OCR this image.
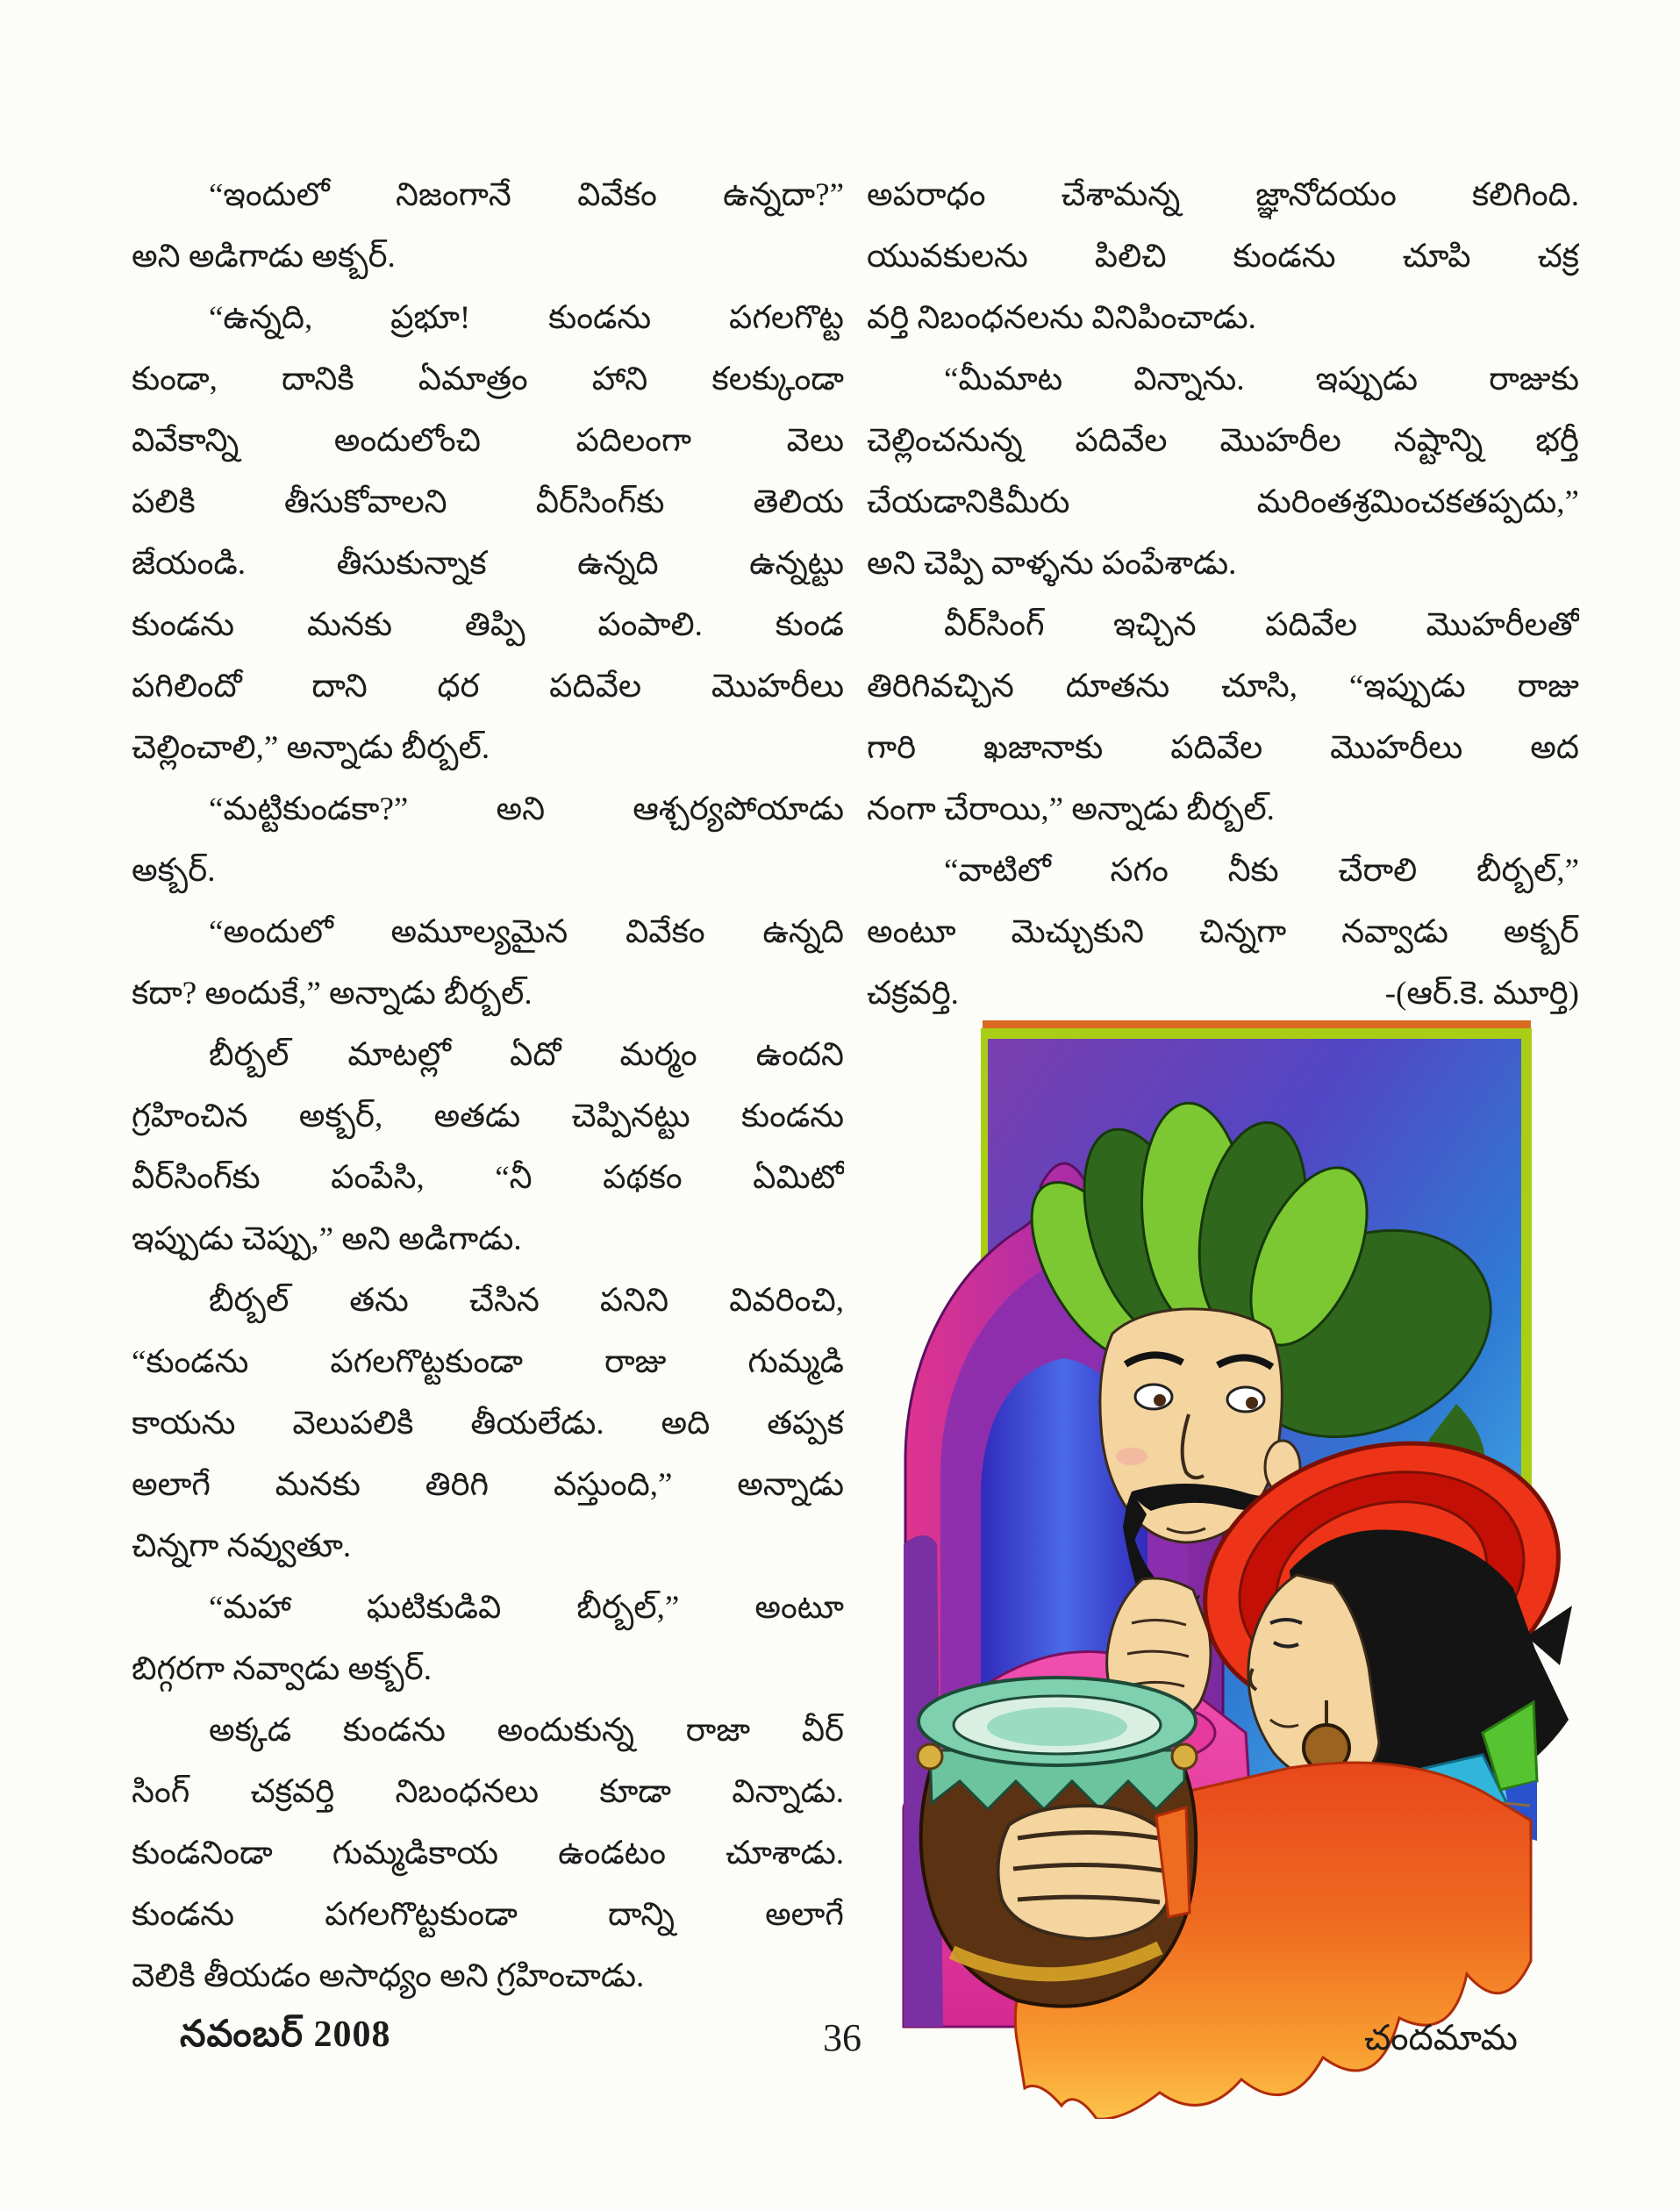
“ఇందులో నిజంగానే వివేకం ఉన్నదా?”
అని అడిగాడు అక్బర్.
“ఉన్నది, ప్రభూ! కుండను పగలగొట్ట
కుండా, దానికి ఏమాత్రం హాని కలక్కుండా
వివేకాన్ని అందులోంచి పదిలంగా వెలు
పలికి తీసుకోవాలని వీర్‌సింగ్‌కు తెలియ
జేయండి. తీసుకున్నాక ఉన్నది ఉన్నట్టు
కుండను మనకు తిప్పి పంపాలి. కుండ
పగిలిందో దాని ధర పదివేల మొహరీలు
చెల్లించాలి,” అన్నాడు బీర్బల్.
“మట్టికుండకా?” అని ఆశ్చర్యపోయాడు
అక్బర్.
“అందులో అమూల్యమైన వివేకం ఉన్నది
కదా? అందుకే,” అన్నాడు బీర్బల్.
బీర్బల్ మాటల్లో ఏదో మర్మం ఉందని
గ్రహించిన అక్బర్, అతడు చెప్పినట్టు కుండను
వీర్‌సింగ్‌కు పంపేసి, “నీ పథకం ఏమిటో
ఇప్పుడు చెప్పు,” అని అడిగాడు.
బీర్బల్ తను చేసిన పనిని వివరించి,
“కుండను పగలగొట్టకుండా రాజు గుమ్మడి
కాయను వెలుపలికి తీయలేడు. అది తప్పక
అలాగే మనకు తిరిగి వస్తుంది,” అన్నాడు
చిన్నగా నవ్వుతూ.
“మహా ఘటికుడివి బీర్బల్,” అంటూ
బిగ్గరగా నవ్వాడు అక్బర్.
అక్కడ కుండను అందుకున్న రాజా వీర్
సింగ్ చక్రవర్తి నిబంధనలు కూడా విన్నాడు.
కుండనిండా గుమ్మడికాయ ఉండటం చూశాడు.
కుండను పగలగొట్టకుండా దాన్ని అలాగే
వెలికి తీయడం అసాధ్యం అని గ్రహించాడు.
అపరాధం చేశామన్న జ్ఞానోదయం కలిగింది.
యువకులను పిలిచి కుండను చూపి చక్ర
వర్తి నిబంధనలను వినిపించాడు.
“మీమాట విన్నాను. ఇప్పుడు రాజుకు
చెల్లించనున్న పదివేల మొహరీల నష్టాన్ని భర్తీ
చేయడానికిమీరు మరింతశ్రమించకతప్పదు,”
అని చెప్పి వాళ్ళను పంపేశాడు.
వీర్‌సింగ్ ఇచ్చిన పదివేల మొహరీలతో
తిరిగివచ్చిన దూతను చూసి, “ఇప్పుడు రాజు
గారి ఖజానాకు పదివేల మొహరీలు అద
నంగా చేరాయి,” అన్నాడు బీర్బల్.
“వాటిలో సగం నీకు చేరాలి బీర్బల్,”
అంటూ మెచ్చుకుని చిన్నగా నవ్వాడు అక్బర్
చక్రవర్తి.	-(ఆర్.కె. మూర్తి)
నవంబర్ 2008	36	చందమామ
